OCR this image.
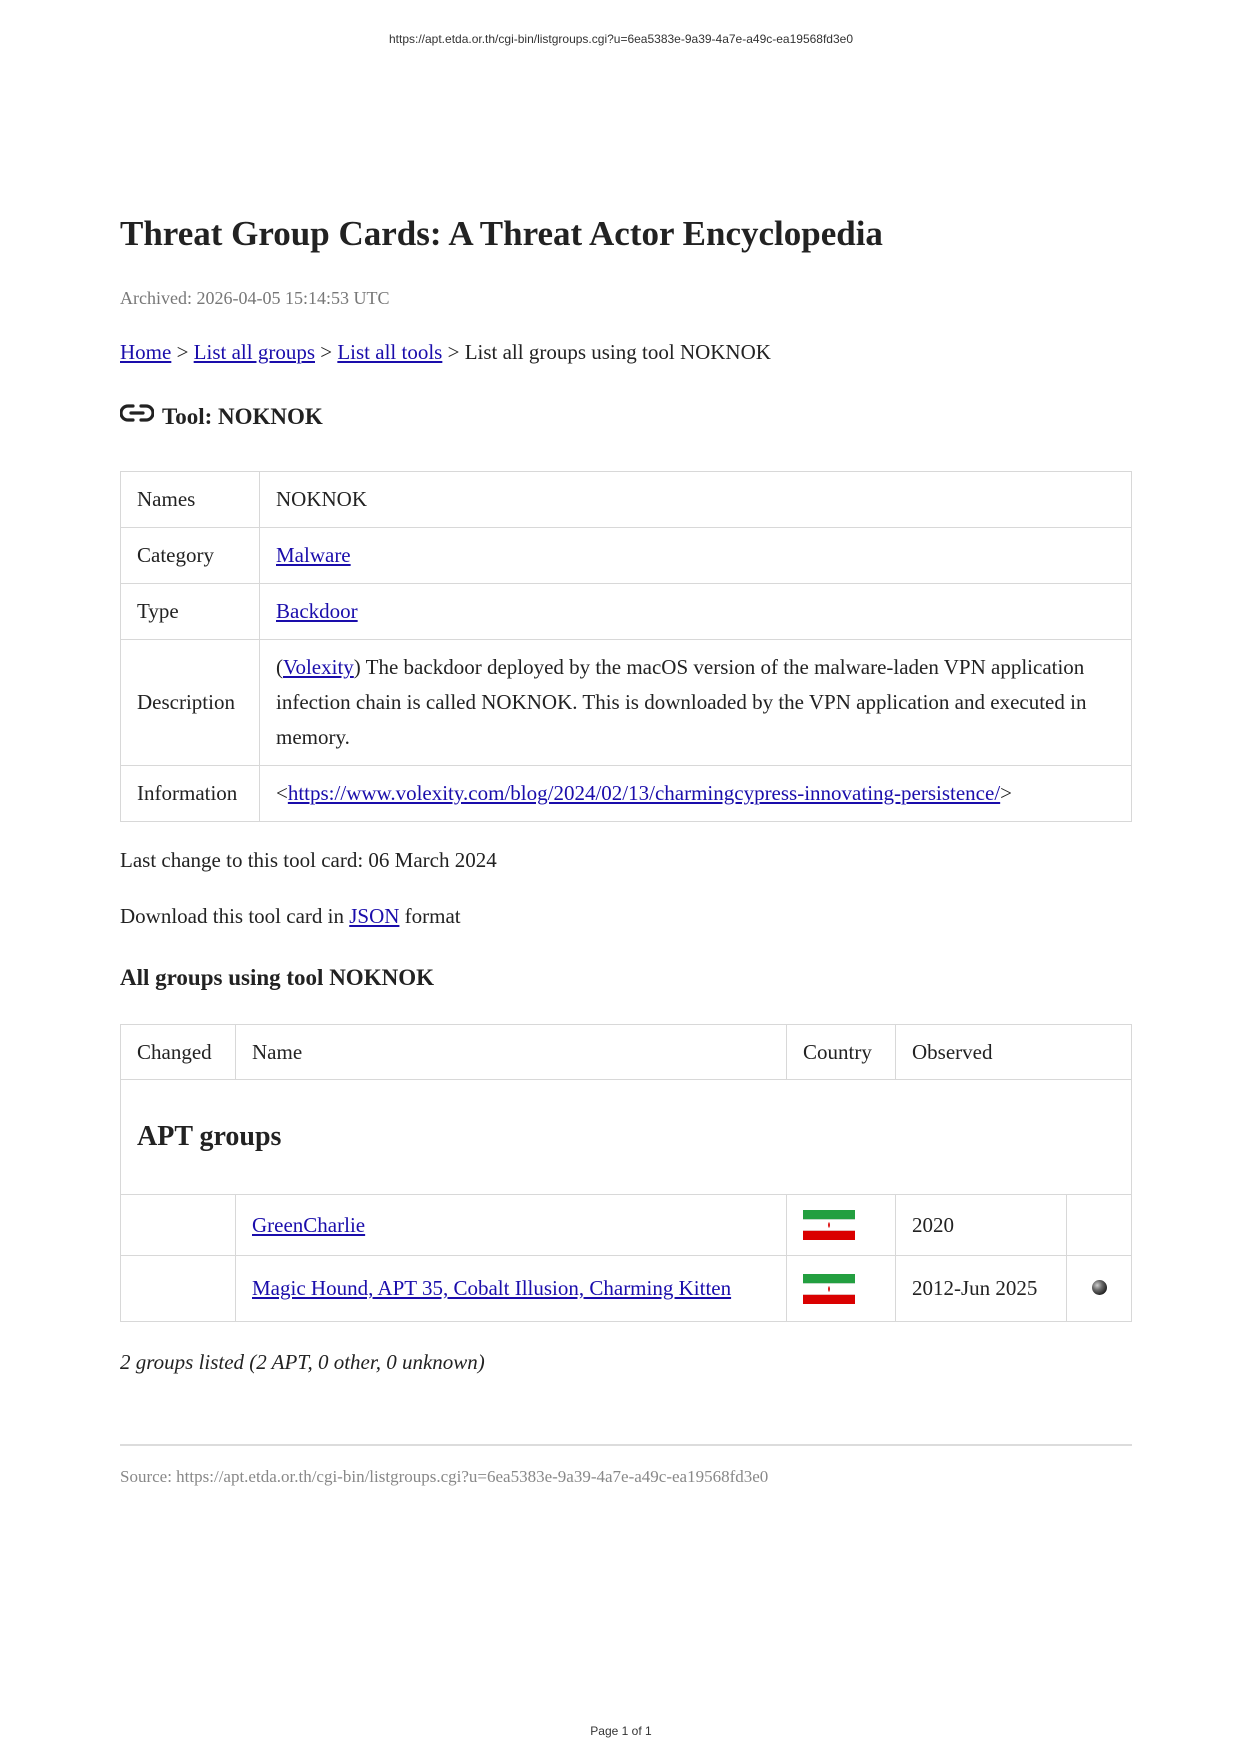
https://apt.etda.or.th/cgi-bin/listgroups.cgi?u=6ea5383e-9a39-4a7e-a49c-ea19568fd3e0
Threat Group Cards: A Threat Actor Encyclopedia
Archived: 2026-04-05 15:14:53 UTC
Home > List all groups > List all tools > List all groups using tool NOKNOK
Tool: NOKNOK
Names	NOKNOK
Category	Malware
Type	Backdoor
Description	(Volexity) The backdoor deployed by the macOS version of the malware-laden VPN application infection chain is called NOKNOK. This is downloaded by the VPN application and executed in memory.
Information	<https://www.volexity.com/blog/2024/02/13/charmingcypress-innovating-persistence/>
Last change to this tool card: 06 March 2024
Download this tool card in JSON format
All groups using tool NOKNOK
Changed	Name	Country	Observed	
APT groups				
	GreenCharlie		2020	
	Magic Hound, APT 35, Cobalt Illusion, Charming Kitten		2012-Jun 2025	
2 groups listed (2 APT, 0 other, 0 unknown)
Source: https://apt.etda.or.th/cgi-bin/listgroups.cgi?u=6ea5383e-9a39-4a7e-a49c-ea19568fd3e0
Page 1 of 1
